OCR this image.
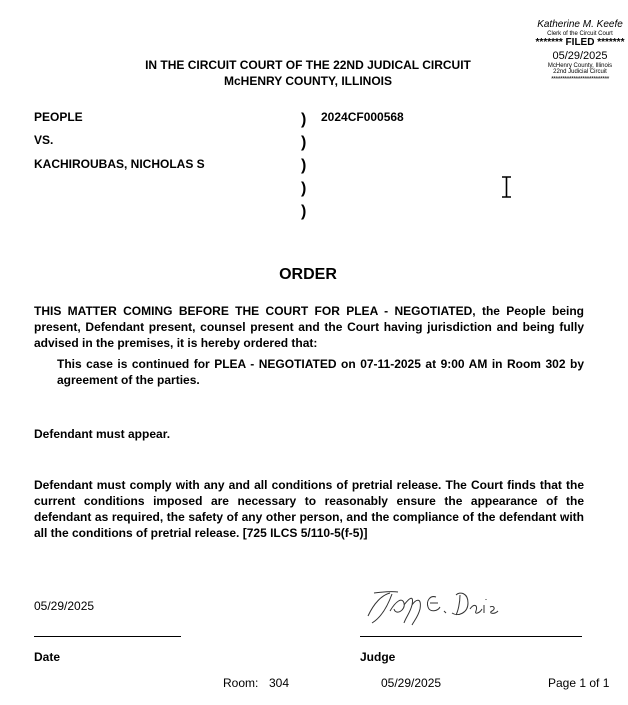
Katherine M. Keefe
Clerk of the Circuit Court
******* FILED *******
05/29/2025
McHenry County, Illinois
22nd Judicial Circuit
**************************
IN THE CIRCUIT COURT OF THE 22ND JUDICAL CIRCUIT
McHENRY COUNTY, ILLINOIS
PEOPLE
VS.
KACHIROUBAS, NICHOLAS S
)
)
)
)
)
2024CF000568
ORDER
THIS MATTER COMING BEFORE THE COURT FOR PLEA - NEGOTIATED, the People being present, Defendant present, counsel present and the Court having jurisdiction and being fully advised in the premises, it is hereby ordered that:
This case is continued for PLEA - NEGOTIATED on 07-11-2025 at 9:00 AM in Room 302 by agreement of the parties.
Defendant must appear.
Defendant must comply with any and all conditions of pretrial release. The Court finds that the current conditions imposed are necessary to reasonably ensure the appearance of the defendant as required, the safety of any other person, and the compliance of the defendant with all the conditions of pretrial release. [725 ILCS 5/110-5(f-5)]
05/29/2025
Date	Judge
Room: 304	05/29/2025	Page 1 of 1
